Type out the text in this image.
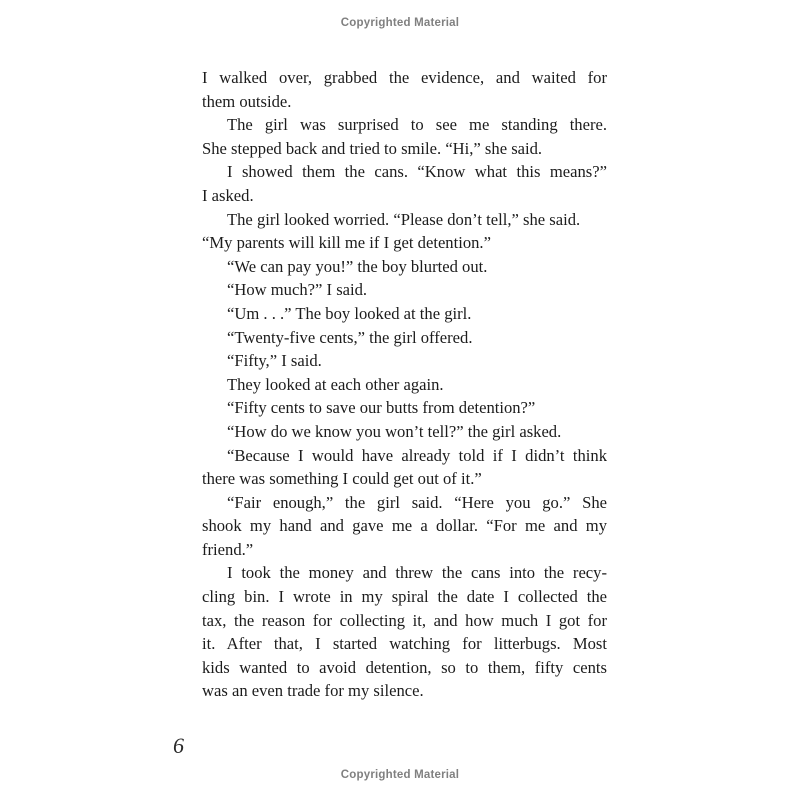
Copyrighted Material
I walked over, grabbed the evidence, and waited for
them outside.
The girl was surprised to see me standing there.
She stepped back and tried to smile. “Hi,” she said.
I showed them the cans. “Know what this means?”
I asked.
The girl looked worried. “Please don’t tell,” she said.
“My parents will kill me if I get detention.”
“We can pay you!” the boy blurted out.
“How much?” I said.
“Um . . .” The boy looked at the girl.
“Twenty-five cents,” the girl offered.
“Fifty,” I said.
They looked at each other again.
“Fifty cents to save our butts from detention?”
“How do we know you won’t tell?” the girl asked.
“Because I would have already told if I didn’t think
there was something I could get out of it.”
“Fair enough,” the girl said. “Here you go.” She
shook my hand and gave me a dollar. “For me and my
friend.”
I took the money and threw the cans into the recy-
cling bin. I wrote in my spiral the date I collected the
tax, the reason for collecting it, and how much I got for
it. After that, I started watching for litterbugs. Most
kids wanted to avoid detention, so to them, fifty cents
was an even trade for my silence.
6
Copyrighted Material
